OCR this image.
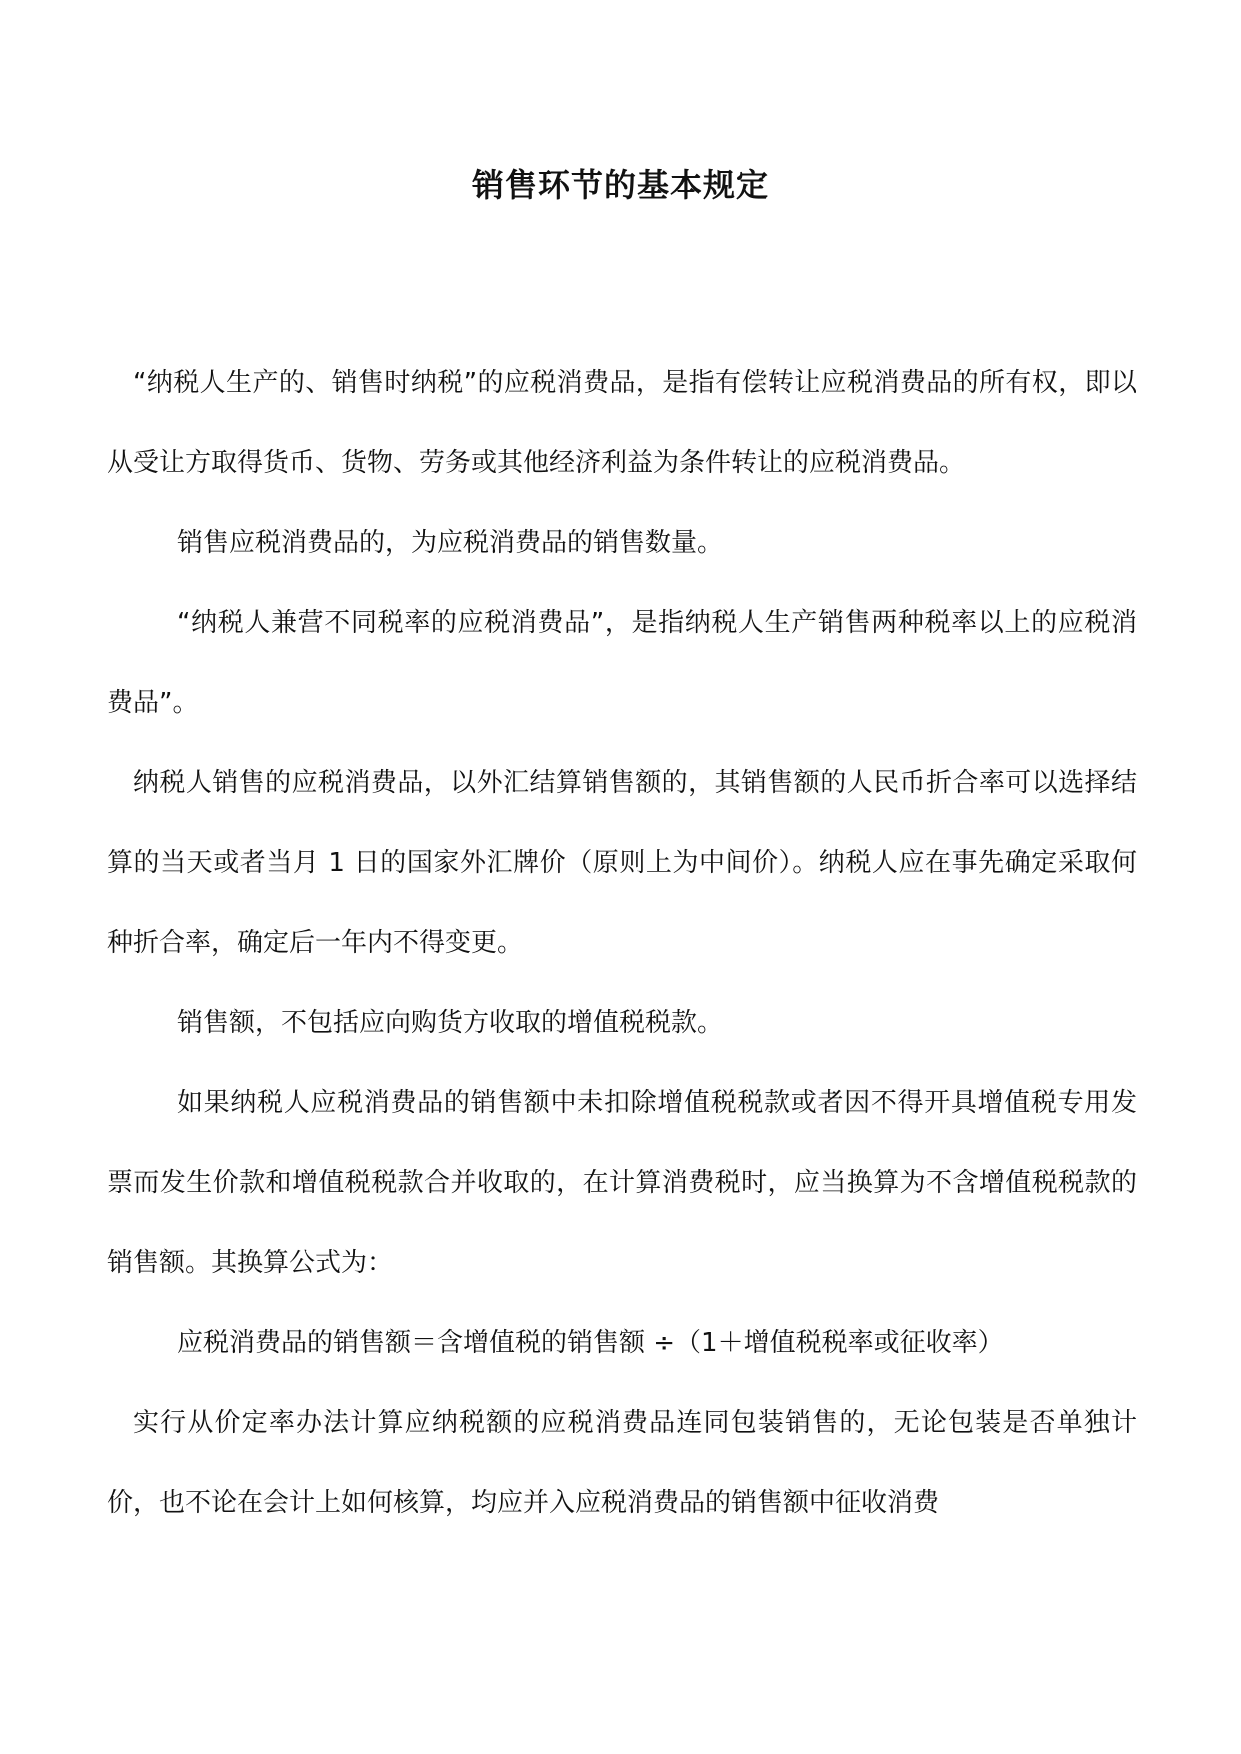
销售环节的基本规定

“纳税人生产的、销售时纳税”的应税消费品，是指有偿转让应税消费品的所有权，即以从受让方取得货币、货物、劳务或其他经济利益为条件转让的应税消费品。

销售应税消费品的，为应税消费品的销售数量。

“纳税人兼营不同税率的应税消费品”，是指纳税人生产销售两种税率以上的应税消费品”。

纳税人销售的应税消费品，以外汇结算销售额的，其销售额的人民币折合率可以选择结算的当天或者当月 1 日的国家外汇牌价（原则上为中间价）。纳税人应在事先确定采取何种折合率，确定后一年内不得变更。

销售额，不包括应向购货方收取的增值税税款。

如果纳税人应税消费品的销售额中未扣除增值税税款或者因不得开具增值税专用发票而发生价款和增值税税款合并收取的，在计算消费税时，应当换算为不含增值税税款的销售额。其换算公式为：

应税消费品的销售额＝含增值税的销售额 ÷（1＋增值税税率或征收率）

实行从价定率办法计算应纳税额的应税消费品连同包装销售的，无论包装是否单独计价，也不论在会计上如何核算，均应并入应税消费品的销售额中征收消费
